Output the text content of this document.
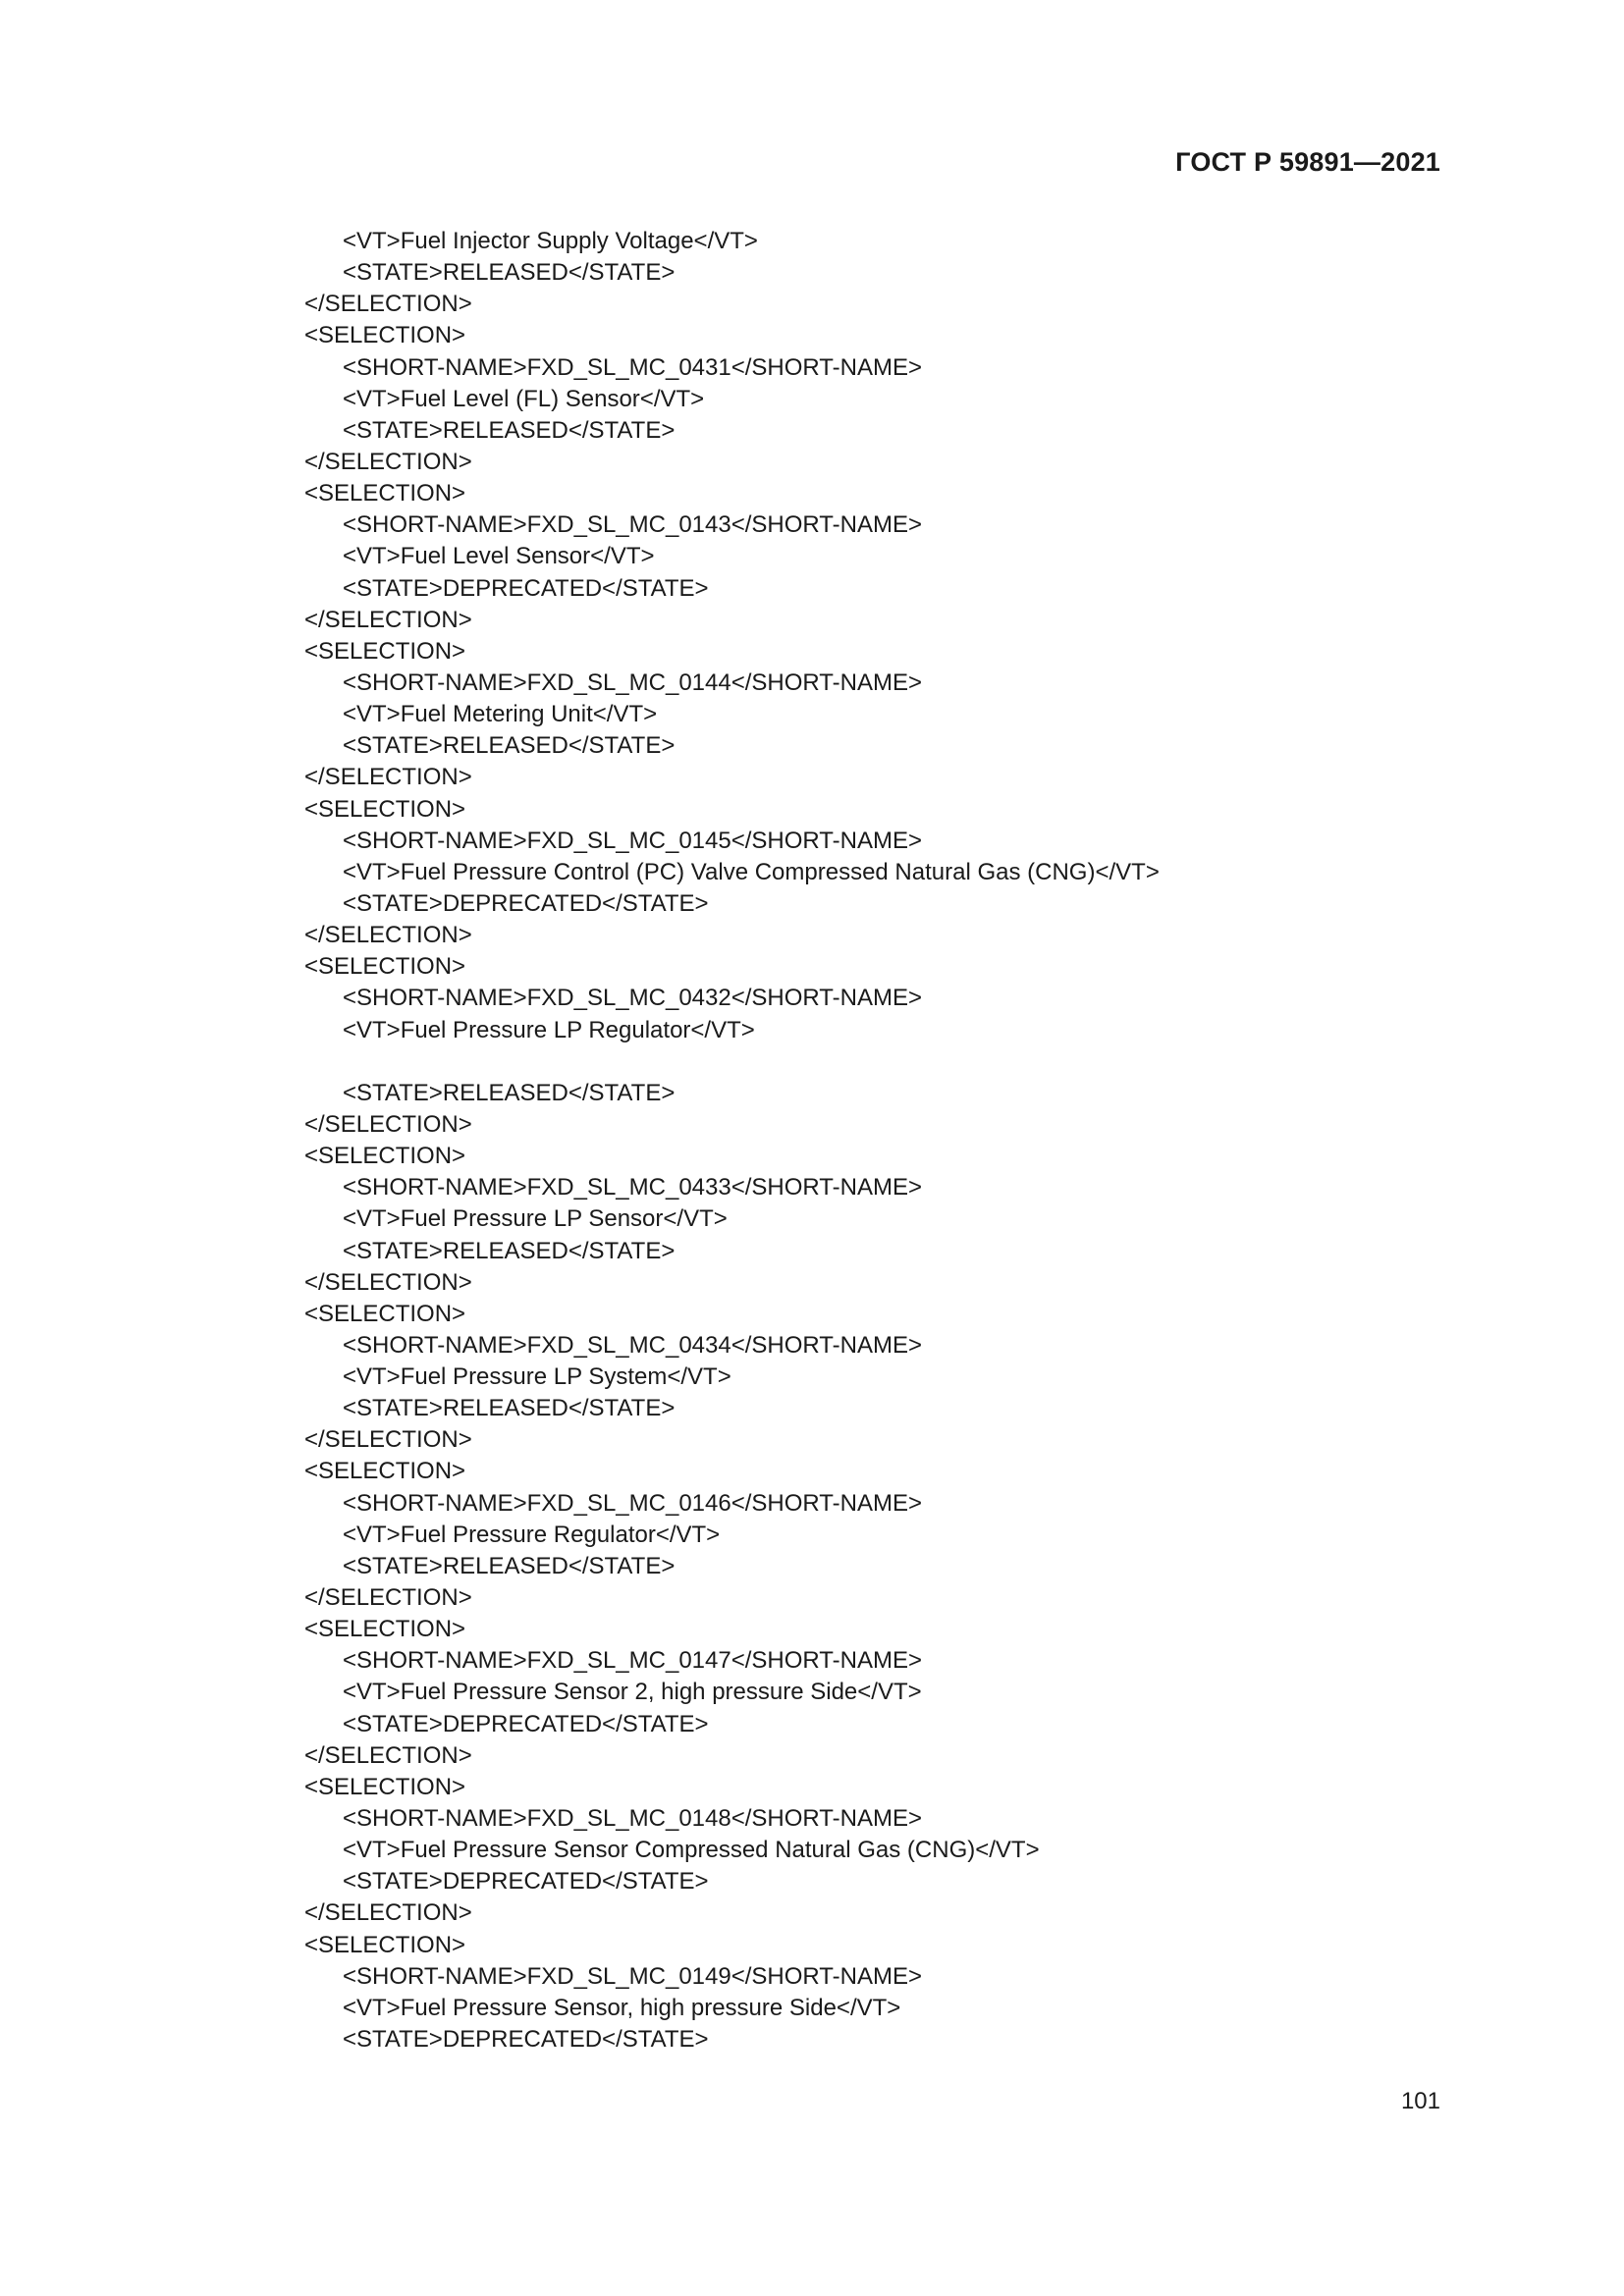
ГОСТ Р 59891—2021
<VT>Fuel Injector Supply Voltage</VT>
<STATE>RELEASED</STATE>
</SELECTION>
<SELECTION>
<SHORT-NAME>FXD_SL_MC_0431</SHORT-NAME>
<VT>Fuel Level (FL) Sensor</VT>
<STATE>RELEASED</STATE>
</SELECTION>
<SELECTION>
<SHORT-NAME>FXD_SL_MC_0143</SHORT-NAME>
<VT>Fuel Level Sensor</VT>
<STATE>DEPRECATED</STATE>
</SELECTION>
<SELECTION>
<SHORT-NAME>FXD_SL_MC_0144</SHORT-NAME>
<VT>Fuel Metering Unit</VT>
<STATE>RELEASED</STATE>
</SELECTION>
<SELECTION>
<SHORT-NAME>FXD_SL_MC_0145</SHORT-NAME>
<VT>Fuel Pressure Control (PC) Valve Compressed Natural Gas (CNG)</VT>
<STATE>DEPRECATED</STATE>
</SELECTION>
<SELECTION>
<SHORT-NAME>FXD_SL_MC_0432</SHORT-NAME>
<VT>Fuel Pressure LP Regulator</VT>
<STATE>RELEASED</STATE>
</SELECTION>
<SELECTION>
<SHORT-NAME>FXD_SL_MC_0433</SHORT-NAME>
<VT>Fuel Pressure LP Sensor</VT>
<STATE>RELEASED</STATE>
</SELECTION>
<SELECTION>
<SHORT-NAME>FXD_SL_MC_0434</SHORT-NAME>
<VT>Fuel Pressure LP System</VT>
<STATE>RELEASED</STATE>
</SELECTION>
<SELECTION>
<SHORT-NAME>FXD_SL_MC_0146</SHORT-NAME>
<VT>Fuel Pressure Regulator</VT>
<STATE>RELEASED</STATE>
</SELECTION>
<SELECTION>
<SHORT-NAME>FXD_SL_MC_0147</SHORT-NAME>
<VT>Fuel Pressure Sensor 2, high pressure Side</VT>
<STATE>DEPRECATED</STATE>
</SELECTION>
<SELECTION>
<SHORT-NAME>FXD_SL_MC_0148</SHORT-NAME>
<VT>Fuel Pressure Sensor Compressed Natural Gas (CNG)</VT>
<STATE>DEPRECATED</STATE>
</SELECTION>
<SELECTION>
<SHORT-NAME>FXD_SL_MC_0149</SHORT-NAME>
<VT>Fuel Pressure Sensor, high pressure Side</VT>
<STATE>DEPRECATED</STATE>
101
